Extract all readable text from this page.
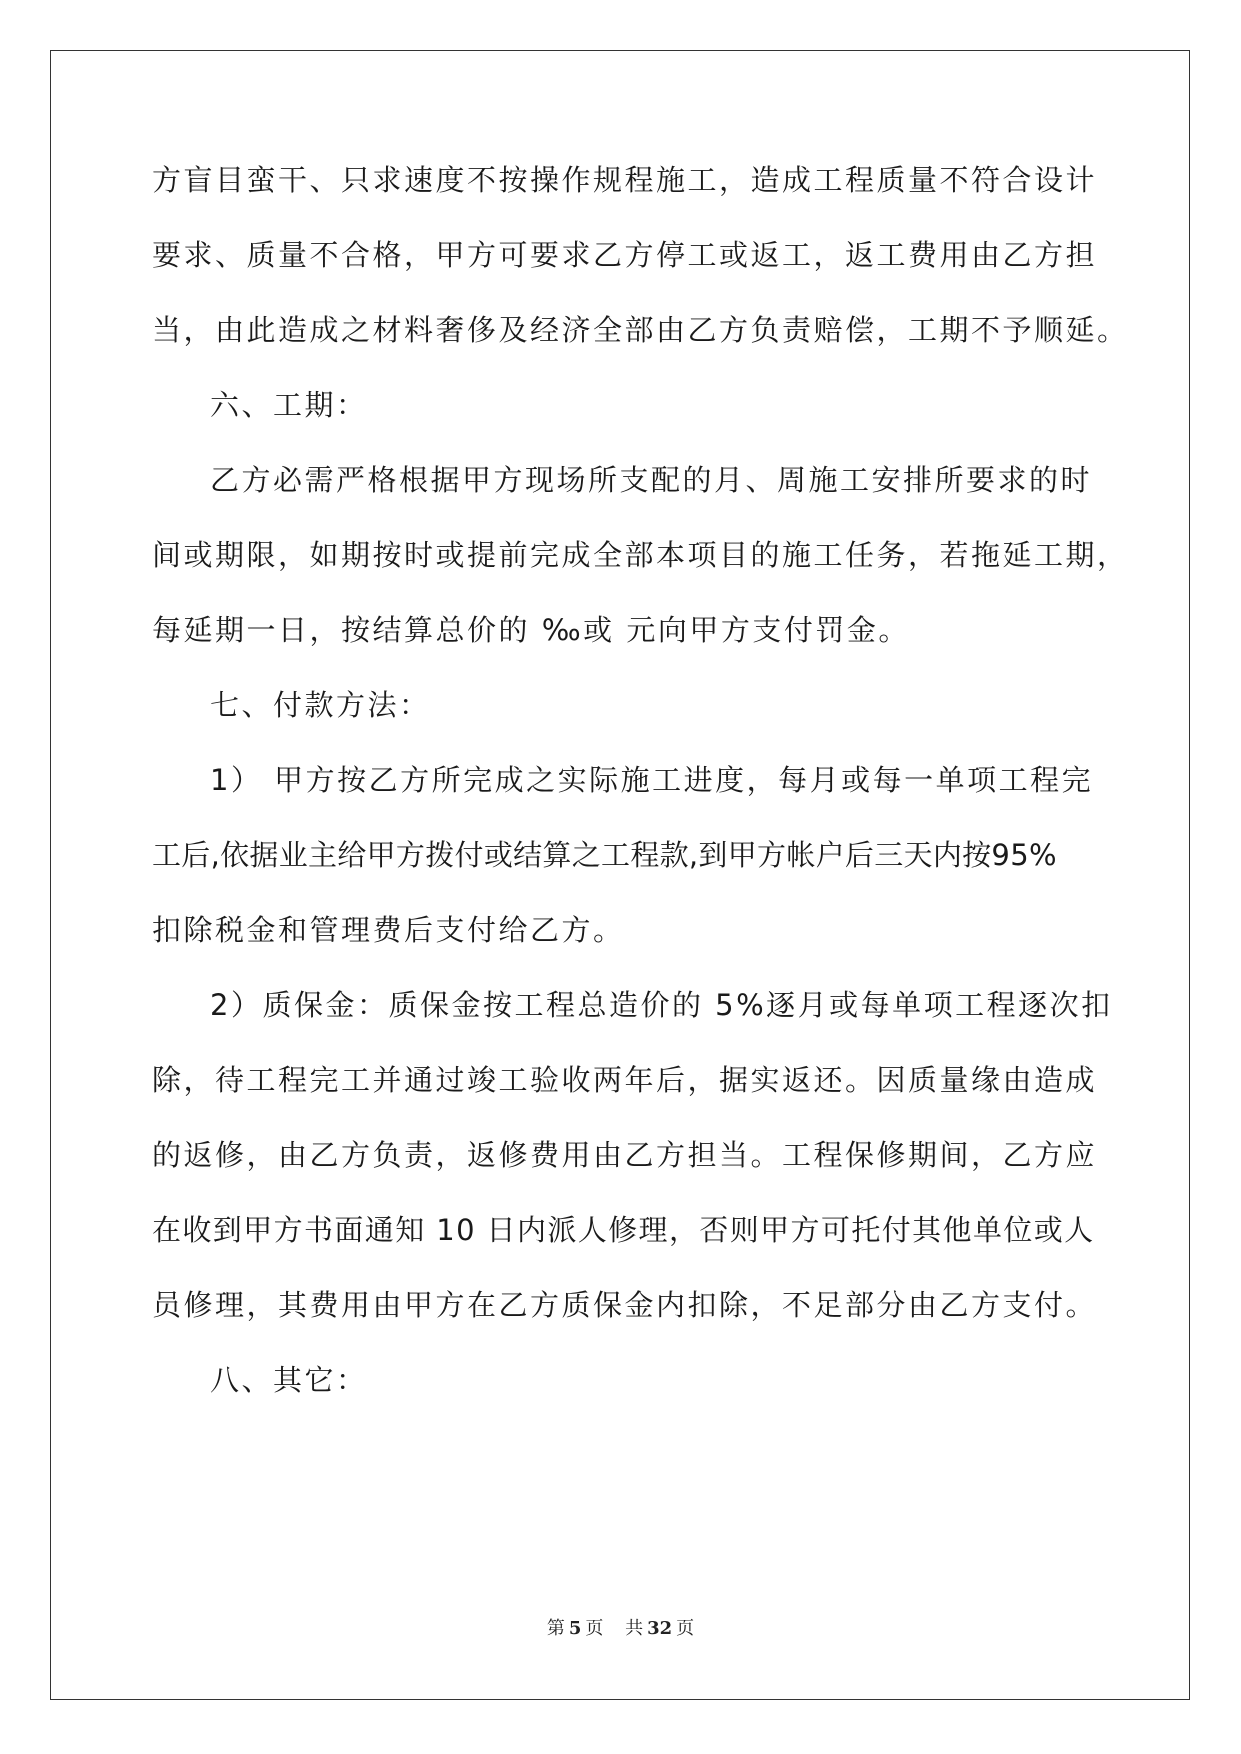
方盲目蛮干、只求速度不按操作规程施工，造成工程质量不符合设计
要求、质量不合格，甲方可要求乙方停工或返工，返工费用由乙方担
当，由此造成之材料奢侈及经济全部由乙方负责赔偿，工期不予顺延。
六、工期：
乙方必需严格根据甲方现场所支配的月、周施工安排所要求的时
间或期限，如期按时或提前完成全部本项目的施工任务，若拖延工期，
每延期一日，按结算总价的 ‰或 元向甲方支付罚金。
七、付款方法：
1） 甲方按乙方所完成之实际施工进度，每月或每一单项工程完
工后,依据业主给甲方拨付或结算之工程款,到甲方帐户后三天内按95%
扣除税金和管理费后支付给乙方。
2）质保金：质保金按工程总造价的 5%逐月或每单项工程逐次扣
除，待工程完工并通过竣工验收两年后，据实返还。因质量缘由造成
的返修，由乙方负责，返修费用由乙方担当。工程保修期间，乙方应
在收到甲方书面通知 10 日内派人修理，否则甲方可托付其他单位或人
员修理，其费用由甲方在乙方质保金内扣除，不足部分由乙方支付。
八、其它：
第 5 页 共 32 页
